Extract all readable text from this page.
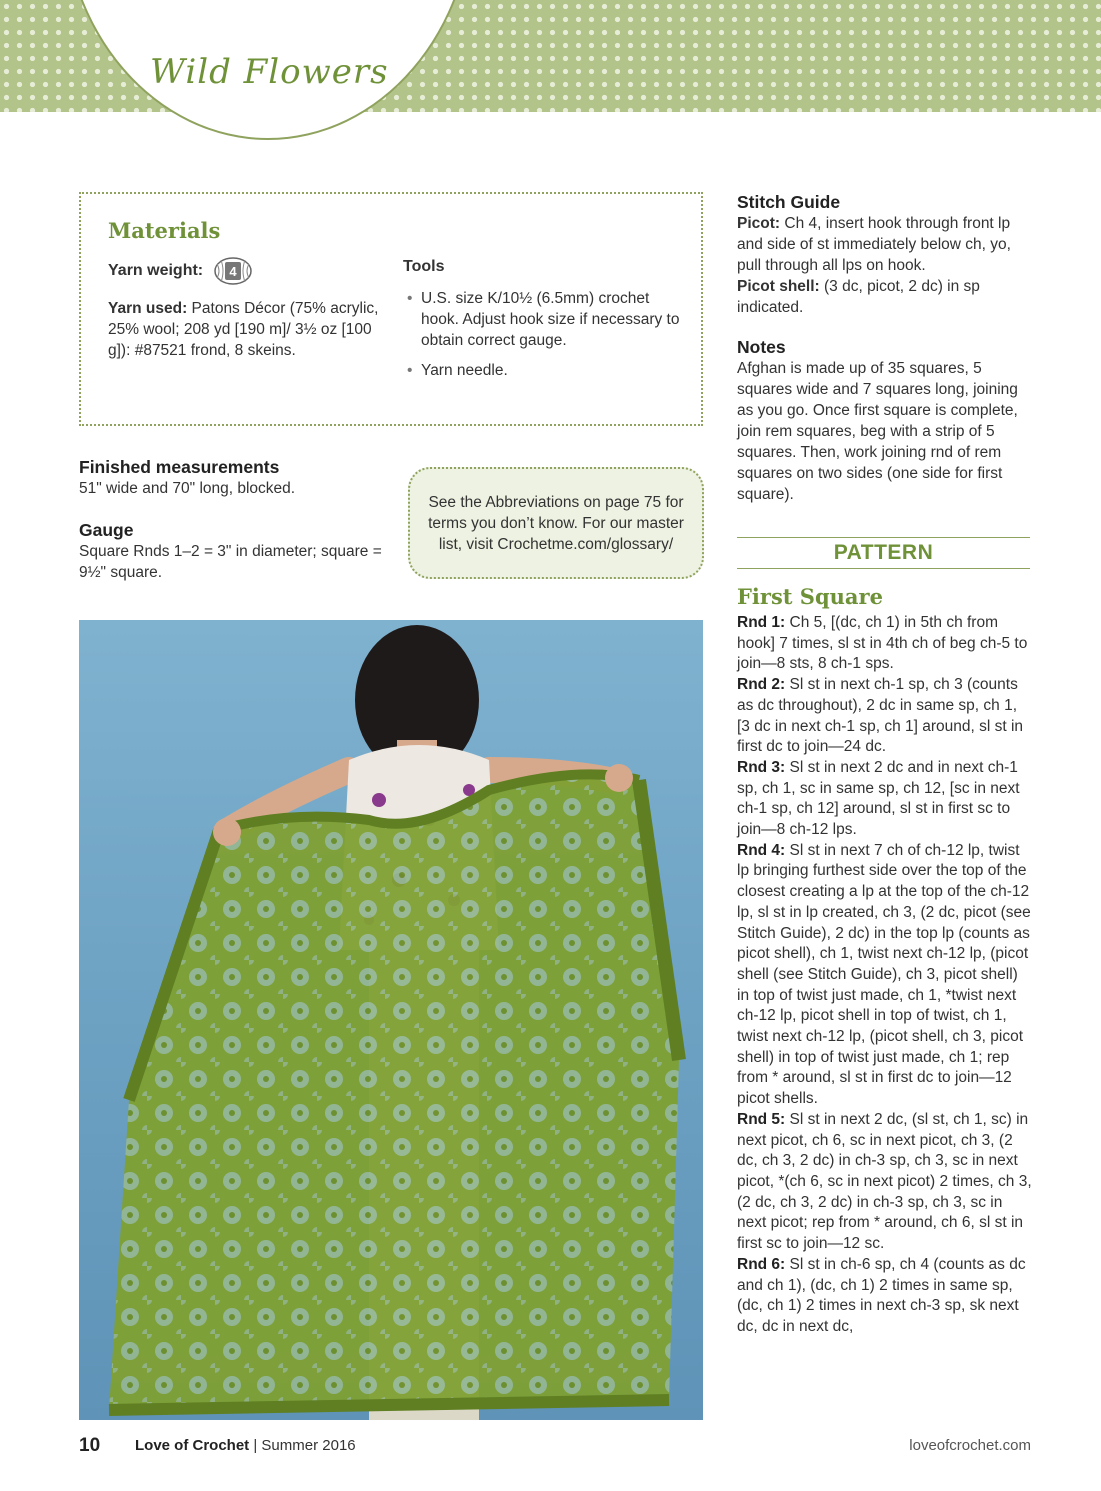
Wild Flowers
Materials
Yarn weight: 4
Yarn used: Patons Décor (75% acrylic, 25% wool; 208 yd [190 m]/ 3½ oz [100 g]): #87521 frond, 8 skeins.
Tools
• U.S. size K/10½ (6.5mm) crochet hook. Adjust hook size if necessary to obtain correct gauge.
• Yarn needle.
Finished measurements
51" wide and 70" long, blocked.
Gauge
Square Rnds 1–2 = 3" in diameter; square = 9½" square.
See the Abbreviations on page 75 for terms you don’t know. For our master list, visit Crochetme.com/glossary/
Stitch Guide
Picot: Ch 4, insert hook through front lp and side of st immediately below ch, yo, pull through all lps on hook.
Picot shell: (3 dc, picot, 2 dc) in sp indicated.
Notes
Afghan is made up of 35 squares, 5 squares wide and 7 squares long, joining as you go. Once first square is complete, join rem squares, beg with a strip of 5 squares. Then, work joining rnd of rem squares on two sides (one side for first square).
PATTERN
First Square
Rnd 1: Ch 5, [(dc, ch 1) in 5th ch from hook] 7 times, sl st in 4th ch of beg ch-5 to join—8 sts, 8 ch-1 sps.
Rnd 2: Sl st in next ch-1 sp, ch 3 (counts as dc throughout), 2 dc in same sp, ch 1, [3 dc in next ch-1 sp, ch 1] around, sl st in first dc to join—24 dc.
Rnd 3: Sl st in next 2 dc and in next ch-1 sp, ch 1, sc in same sp, ch 12, [sc in next ch-1 sp, ch 12] around, sl st in first sc to join—8 ch-12 lps.
Rnd 4: Sl st in next 7 ch of ch-12 lp, twist lp bringing furthest side over the top of the closest creating a lp at the top of the ch-12 lp, sl st in lp created, ch 3, (2 dc, picot (see Stitch Guide), 2 dc) in the top lp (counts as picot shell), ch 1, twist next ch-12 lp, (picot shell (see Stitch Guide), ch 3, picot shell) in top of twist just made, ch 1, *twist next ch-12 lp, picot shell in top of twist, ch 1, twist next ch-12 lp, (picot shell, ch 3, picot shell) in top of twist just made, ch 1; rep from * around, sl st in first dc to join—12 picot shells.
Rnd 5: Sl st in next 2 dc, (sl st, ch 1, sc) in next picot, ch 6, sc in next picot, ch 3, (2 dc, ch 3, 2 dc) in ch-3 sp, ch 3, sc in next picot, *(ch 6, sc in next picot) 2 times, ch 3, (2 dc, ch 3, 2 dc) in ch-3 sp, ch 3, sc in next picot; rep from * around, ch 6, sl st in first sc to join—12 sc.
Rnd 6: Sl st in ch-6 sp, ch 4 (counts as dc and ch 1), (dc, ch 1) 2 times in same sp, (dc, ch 1) 2 times in next ch-3 sp, sk next dc, dc in next dc,
10 Love of Crochet | Summer 2016	loveofcrochet.com
